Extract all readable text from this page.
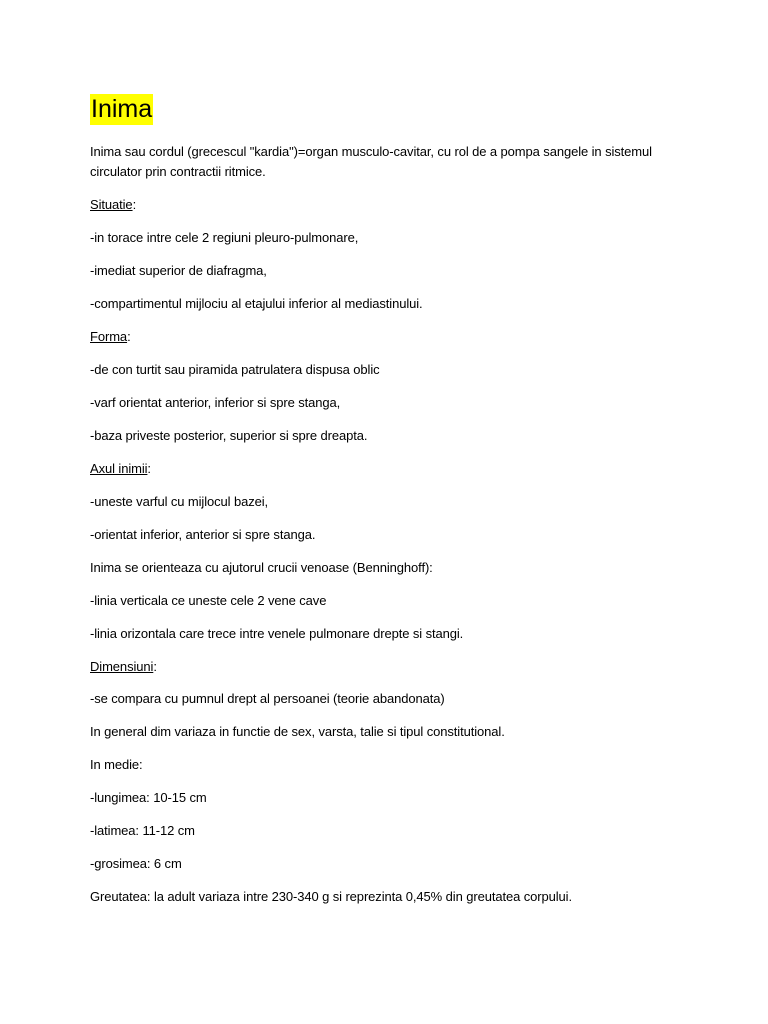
Inima
Inima sau cordul (grecescul "kardia")=organ musculo-cavitar, cu rol de a pompa sangele in sistemul
circulator prin contractii ritmice.
Situatie:
-in torace intre cele 2 regiuni pleuro-pulmonare,
-imediat superior de diafragma,
-compartimentul mijlociu al etajului inferior al mediastinului.
Forma:
-de con turtit sau piramida patrulatera dispusa oblic
-varf orientat anterior, inferior si spre stanga,
-baza priveste posterior, superior si spre dreapta.
Axul inimii:
-uneste varful cu mijlocul bazei,
-orientat inferior, anterior si spre stanga.
Inima se orienteaza cu ajutorul crucii venoase (Benninghoff):
-linia verticala ce uneste cele 2 vene cave
-linia orizontala care trece intre venele pulmonare drepte si stangi.
Dimensiuni:
-se compara cu pumnul drept al persoanei (teorie abandonata)
In general dim variaza in functie de sex, varsta, talie si tipul constitutional.
In medie:
-lungimea: 10-15 cm
-latimea: 11-12 cm
-grosimea: 6 cm
Greutatea: la adult variaza intre 230-340 g si reprezinta 0,45% din greutatea corpului.
